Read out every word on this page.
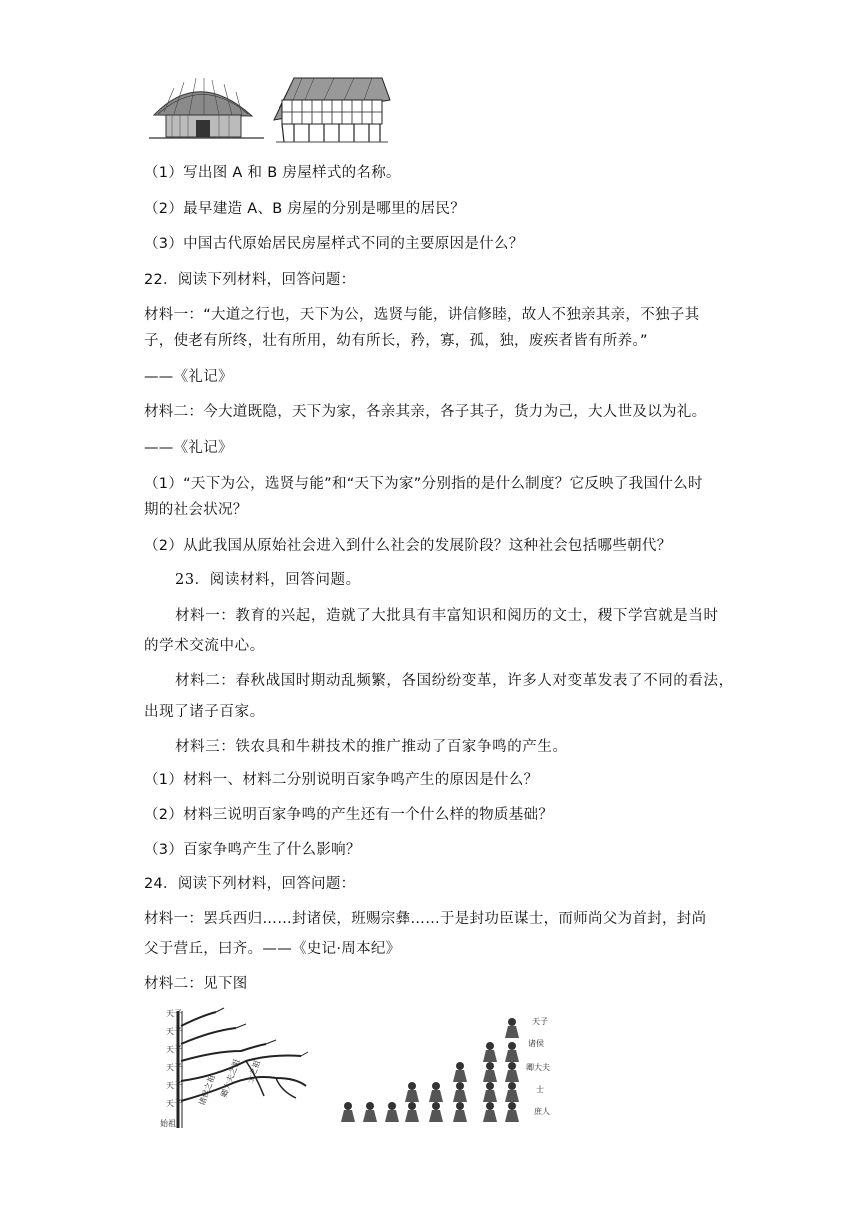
（1）写出图 A 和 B 房屋样式的名称。
（2）最早建造 A、B 房屋的分别是哪里的居民？
（3）中国古代原始居民房屋样式不同的主要原因是什么？
22．阅读下列材料，回答问题：
材料一：“大道之行也，天下为公，选贤与能，讲信修睦，故人不独亲其亲，不独子其
子，使老有所终，壮有所用，幼有所长，矜，寡，孤，独，废疾者皆有所养。”
——《礼记》
材料二：今大道既隐，天下为家，各亲其亲，各子其子，货力为己，大人世及以为礼。
——《礼记》
（1）“天下为公，选贤与能”和“天下为家”分别指的是什么制度？它反映了我国什么时
期的社会状况？
（2）从此我国从原始社会进入到什么社会的发展阶段？这种社会包括哪些朝代？
23．阅读材料，回答问题。
材料一：教育的兴起，造就了大批具有丰富知识和阅历的文士，稷下学宫就是当时
的学术交流中心。
材料二：春秋战国时期动乱频繁，各国纷纷变革，许多人对变革发表了不同的看法，
出现了诸子百家。
材料三：铁农具和牛耕技术的推广推动了百家争鸣的产生。
（1）材料一、材料二分别说明百家争鸣产生的原因是什么？
（2）材料三说明百家争鸣的产生还有一个什么样的物质基础？
（3）百家争鸣产生了什么影响？
24．阅读下列材料，回答问题：
材料一：罢兵西归……封诸侯，班赐宗彝……于是封功臣谋士，而师尚父为首封，封尚
父于营丘，曰齐。——《史记·周本纪》
材料二：见下图
天子
天子
天子
天子
天子
天子
始祖
诸侯之祖 卿大夫之祖 士之祖
天子
诸侯
卿大夫
士
庶人
